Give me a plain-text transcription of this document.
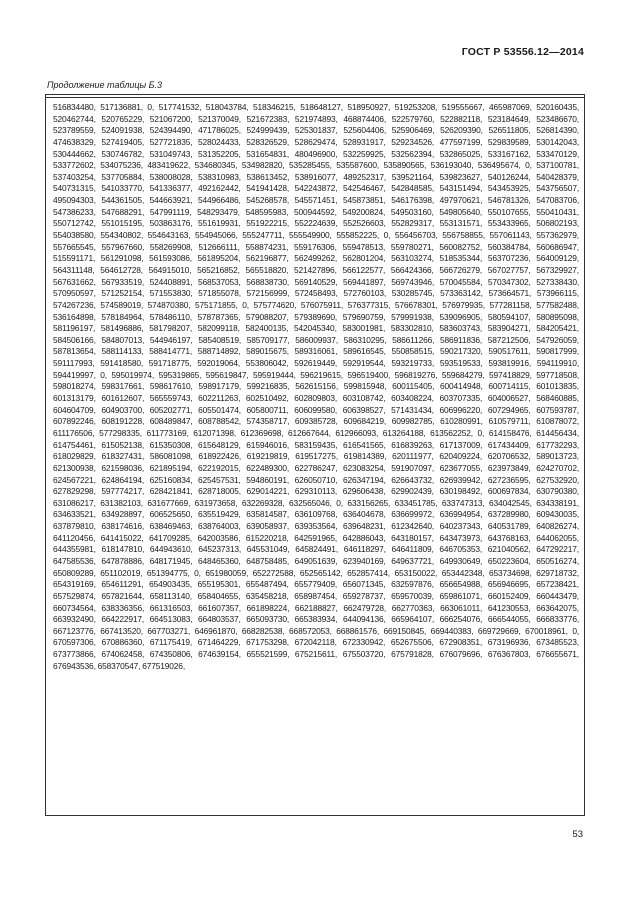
ГОСТ Р 53556.12—2014
Продолжение таблицы Б.3
516834480, 517136881, 0, 517741532, 518043784, 518346215, 518648127, 518950927, 519253208, 519555667, 465987069, 520160435, 520462744, 520765229, 521067200, 521370049, 521672383, 521974893, 468874406, 522579760, 522882118, 523184649, 523486670, 523789559, 524091938, 524394490, 471786025, 524999439, 525301837, 525604406, 525906469, 526209390, 526511805, 526814390, 474638329, 527419405, 527721835, 528024433, 528326529, 528629474, 528931917, 529234526, 477597199, 529839589, 530142043, 530444662, 530746782, 531049743, 531352205, 531654831, 480496900, 532259925, 532562394, 532865025, 533167162, 533470129, 533772602, 534075236, 483419622, 534680345, 534982820, 535285455, 535587600, 535890565, 536193040, 536495674, 0, 537100781, 537403254, 537705884, 538008028, 538310983, 538613452, 538916077, 489252317, 539521164, 539823627, 540126244, 540428379, 540731315, 541033770, 541336377, 492162442, 541941428, 542243872, 542546467, 542848585, 543151494, 543453925, 543756507, 495094303, 544361505, 544663921, 544966486, 545268578, 545571451, 545873851, 546176398, 497970621, 546781326, 547083706, 547386233, 547688291, 547991119, 548293479, 548595983, 500944592, 549200824, 549503160, 549805640, 550107655, 550410431, 550712742, 551015195, 503863176, 551619931, 551922215, 552224639, 552526603, 552829317, 553131571, 553433965, 506802193, 554038580, 554340802, 554643163, 554945066, 555247711, 555549900, 555852225, 0, 556456703, 556758855, 557061143, 557362979, 557665545, 557967660, 558269908, 512666111, 558874231, 559176306, 559478513, 559780271, 560082752, 560384784, 560686947, 515591171, 561291098, 561593086, 561895204, 562196877, 562499262, 562801204, 563103274, 518535344, 563707236, 564009129, 564311148, 564612728, 564915010, 565216852, 565518820, 521427896, 566122577, 566424366, 566726279, 567027757, 567329927, 567631662, 567933519, 524408891, 568537053, 568838730, 569140529, 569441897, 569743946, 570045584, 570347302, 527338430, 570950597, 571252154, 571553830, 571855078, 572156999, 572458493, 572760103, 530285745, 573363142, 573664571, 573966115, 574267236, 574589019, 574870380, 575171855, 0, 575774620, 576075911, 576377315, 576678301, 576979935, 577281158, 577582488, 536164898, 578184964, 578486110, 578787365, 579088207, 579389690, 579690759, 579991938, 539096905, 580594107, 580895098, 581196197, 581496886, 581798207, 582099118, 582400135, 542045340, 583001981, 583302810, 583603743, 583904271, 584205421, 584506166, 584807013, 544946197, 585408519, 585709177, 586009937, 586310295, 586611266, 586911836, 587212506, 547926059, 587813654, 588114133, 588414771, 588714892, 589015675, 589316061, 589616545, 550858515, 590217320, 590517611, 590817999, 591117993, 591418580, 591718775, 592019064, 553806042, 592619449, 592919544, 593219733, 593519533, 593819916, 594119910, 594419997, 0, 595019974, 595319865, 595619847, 595919444, 596219615, 596519400, 596819276, 559684279, 597418829, 597718508, 598018274, 598317661, 598617610, 598917179, 599216835, 562615156, 599815948, 600115405, 600414948, 600714115, 601013835, 601313179, 601612607, 565559743, 602211263, 602510492, 602809803, 603108742, 603408224, 603707335, 604006527, 568460885, 604604709, 604903700, 605202771, 605501474, 605800711, 606099580, 606398527, 571431434, 606996220, 607294965, 607593787, 607892246, 608191228, 608489847, 608788542, 574358717, 609385728, 609684219, 609982785, 610280991, 610579711, 610878072, 611176506, 577298335, 611773169, 612071398, 612369698, 612667644, 612966093, 613264188, 613562252, 0, 614158476, 614456434, 614754461, 615052138, 615350308, 615648129, 615946016, 583159435, 616541565, 616839263, 617137009, 617434409, 617732293, 618029829, 618327431, 586081098, 618922426, 619219819, 619517275, 619814389, 620111977, 620409224, 620706532, 589013723, 621300938, 621598036, 621895194, 622192015, 622489300, 622786247, 623083254, 591907097, 623677055, 623973849, 624270702, 624567221, 624864194, 625160834, 625457531, 594860191, 626050710, 626347194, 626643732, 626939942, 627236595, 627532920, 627829298, 597774217, 628421841, 628718005, 629014221, 629310113, 629606438, 629902439, 630198492, 600697834, 630790380, 631086217, 631382103, 631677669, 631973658, 632269328, 632565046, 0, 633156265, 633451785, 633747313, 634042545, 634338191, 634633521, 634928897, 606525650, 635519429, 635814587, 636109768, 636404678, 636699972, 636994954, 637289980, 609430035, 637879810, 638174616, 638469463, 638764003, 639058937, 639353564, 639648231, 612342640, 640237343, 640531789, 640826274, 641120456, 641415022, 641709285, 642003586, 615220218, 642591965, 642886043, 643180157, 643473973, 643768163, 644062055, 644355981, 618147810, 644943610, 645237313, 645531049, 645824491, 646118297, 646411809, 646705353, 621040562, 647292217, 647585536, 647878886, 648171945, 648465360, 648758485, 649051639, 623940169, 649637721, 649930649, 650223604, 650516274, 650809289, 651102019, 651394775, 0, 651980059, 652272588, 652565142, 652857414, 653150022, 653442348, 653734698, 629718732, 654319169, 654611291, 654903435, 655195301, 655487494, 655779409, 656071345, 632597876, 656654988, 656946695, 657238421, 657529874, 657821644, 658113140, 658404655, 635458218, 658987454, 659278737, 659570039, 659861071, 660152409, 660443479, 660734564, 638336356, 661316503, 661607357, 661898224, 662188827, 662479728, 662770363, 663061011, 641230553, 663642075, 663932490, 664222917, 664513083, 664803537, 665093730, 665383934, 644094136, 665964107, 666254076, 666544055, 666833776, 667123776, 667413520, 667703271, 646961870, 668282538, 668572053, 668861576, 669150845, 669440383, 669729669, 670018961, 0, 670597306, 670886360, 671175419, 671464229, 671753298, 672042118, 672330942, 652675506, 672908351, 673196936, 673485523, 673773866, 674062458, 674350806, 674639154, 655521599, 675215611, 675503720, 675791828, 676079696, 676367803, 676655671, 676943536, 658370547, 677519026,
53
